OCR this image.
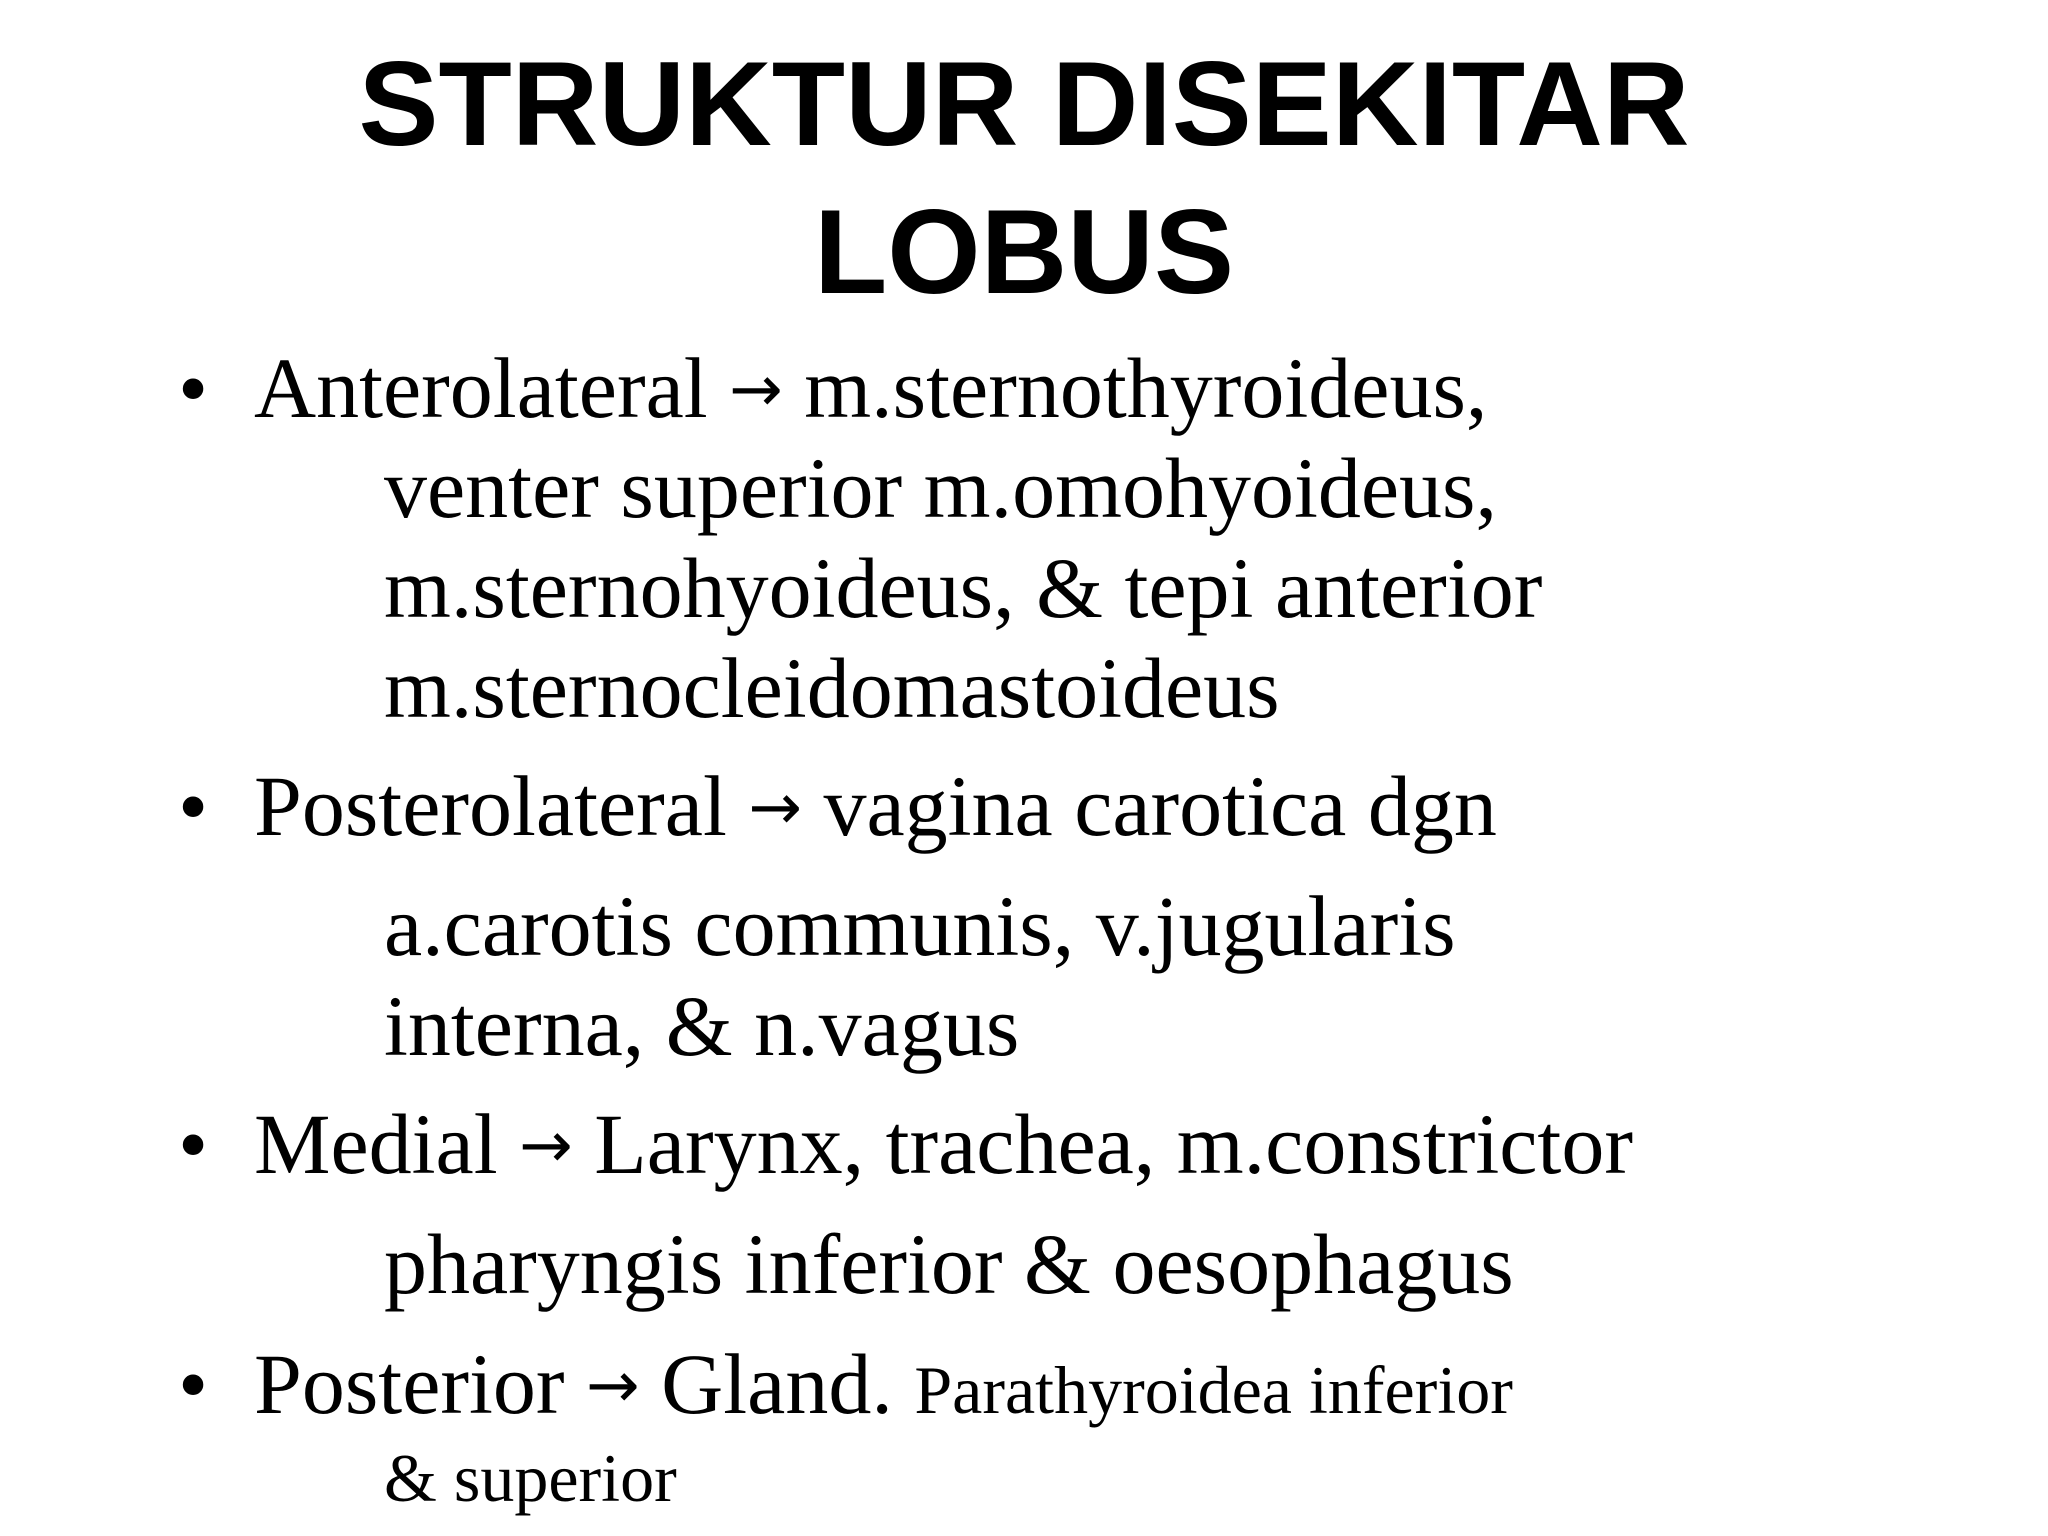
STRUKTUR DISEKITAR
LOBUS
• Anterolateral → m.sternothyroideus,
venter superior m.omohyoideus,
m.sternohyoideus, & tepi anterior
m.sternocleidomastoideus
• Posterolateral → vagina carotica dgn
a.carotis communis, v.jugularis
interna, & n.vagus
• Medial → Larynx, trachea, m.constrictor
pharyngis inferior & oesophagus
• Posterior → Gland. Parathyroidea inferior
& superior
